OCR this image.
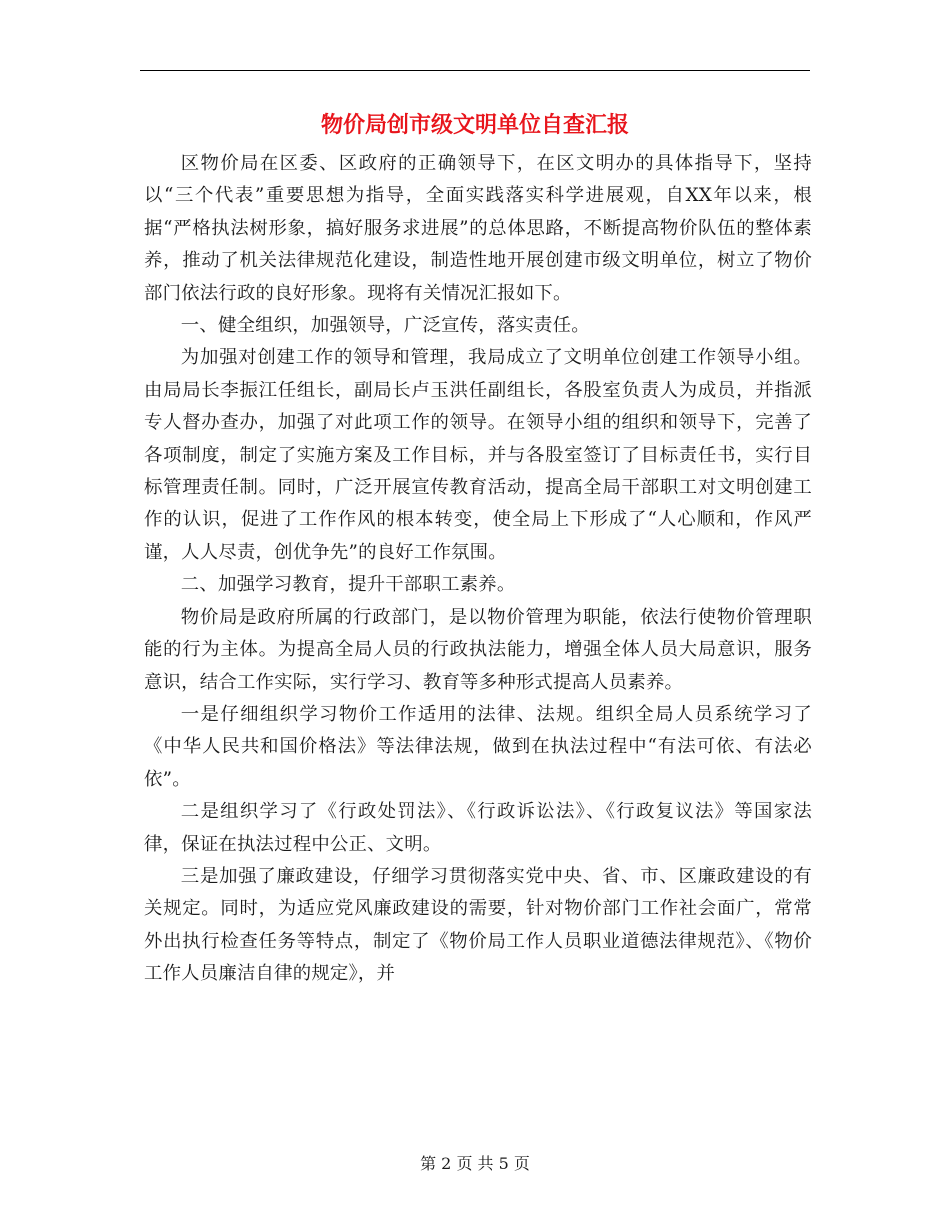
物价局创市级文明单位自查汇报

区物价局在区委、区政府的正确领导下，在区文明办的具体指导下，坚持以“三个代表”重要思想为指导，全面实践落实科学进展观，自XX年以来，根据“严格执法树形象，搞好服务求进展”的总体思路，不断提高物价队伍的整体素养，推动了机关法律规范化建设，制造性地开展创建市级文明单位，树立了物价部门依法行政的良好形象。现将有关情况汇报如下。

一、健全组织，加强领导，广泛宣传，落实责任。

为加强对创建工作的领导和管理，我局成立了文明单位创建工作领导小组。由局局长李振江任组长，副局长卢玉洪任副组长，各股室负责人为成员，并指派专人督办查办，加强了对此项工作的领导。在领导小组的组织和领导下，完善了各项制度，制定了实施方案及工作目标，并与各股室签订了目标责任书，实行目标管理责任制。同时，广泛开展宣传教育活动，提高全局干部职工对文明创建工作的认识，促进了工作作风的根本转变，使全局上下形成了“人心顺和，作风严谨，人人尽责，创优争先”的良好工作氛围。

二、加强学习教育，提升干部职工素养。

物价局是政府所属的行政部门，是以物价管理为职能，依法行使物价管理职能的行为主体。为提高全局人员的行政执法能力，增强全体人员大局意识，服务意识，结合工作实际，实行学习、教育等多种形式提高人员素养。

一是仔细组织学习物价工作适用的法律、法规。组织全局人员系统学习了《中华人民共和国价格法》等法律法规，做到在执法过程中“有法可依、有法必依”。

二是组织学习了《行政处罚法》、《行政诉讼法》、《行政复议法》等国家法律，保证在执法过程中公正、文明。

三是加强了廉政建设，仔细学习贯彻落实党中央、省、市、区廉政建设的有关规定。同时，为适应党风廉政建设的需要，针对物价部门工作社会面广，常常外出执行检查任务等特点，制定了《物价局工作人员职业道德法律规范》、《物价工作人员廉洁自律的规定》，并

第 2 页 共 5 页
